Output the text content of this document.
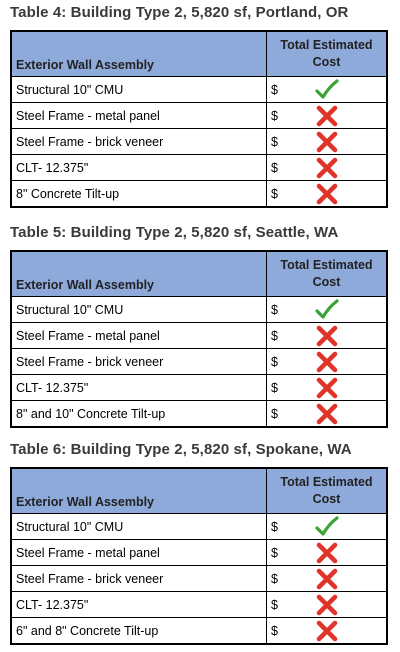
Table 4: Building Type 2, 5,820 sf, Portland, OR
Exterior Wall Assembly	Total Estimated Cost
Structural 10" CMU	$

Steel Frame - metal panel	$

Steel Frame - brick veneer	$

CLT- 12.375"	$

8" Concrete Tilt-up	$
Table 5: Building Type 2, 5,820 sf, Seattle, WA
Exterior Wall Assembly	Total Estimated Cost
Structural 10" CMU	$

Steel Frame - metal panel	$

Steel Frame - brick veneer	$

CLT- 12.375"	$

8" and 10" Concrete Tilt-up	$
Table 6: Building Type 2, 5,820 sf, Spokane, WA
Exterior Wall Assembly	Total Estimated Cost
Structural 10" CMU	$

Steel Frame - metal panel	$

Steel Frame - brick veneer	$

CLT- 12.375"	$

6" and 8" Concrete Tilt-up	$
